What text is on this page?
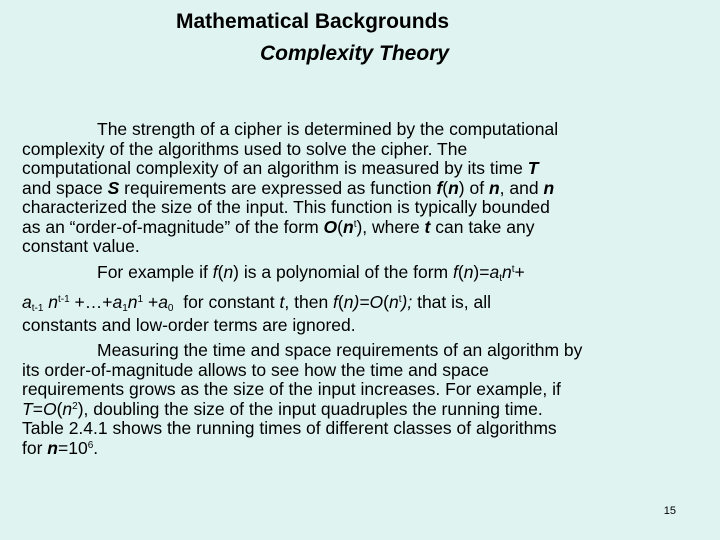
Mathematical Backgrounds
Complexity Theory
The strength of a cipher is determined by the computational
complexity of the algorithms used to solve the cipher. The
computational complexity of an algorithm is measured by its time T
and space S requirements are expressed as function f(n) of n, and n
characterized the size of the input. This function is typically bounded
as an “order-of-magnitude” of the form $O(n^t)$, where t can take any
constant value.
For example if f(n) is a polynomial of the form $f(n)=a_tn^t+$
$a_{t-1}$ $n^{t-1}$ $+\dots+a_1n^1 +a_0$  for constant t, then $f(n)=O(n^t)$; that is, all
constants and low-order terms are ignored.
Measuring the time and space requirements of an algorithm by
its order-of-magnitude allows to see how the time and space
requirements grows as the size of the input increases. For example, if
$T=O(n^2)$, doubling the size of the input quadruples the running time.
Table 2.4.1 shows the running times of different classes of algorithms
for $n=10^6$.
15
